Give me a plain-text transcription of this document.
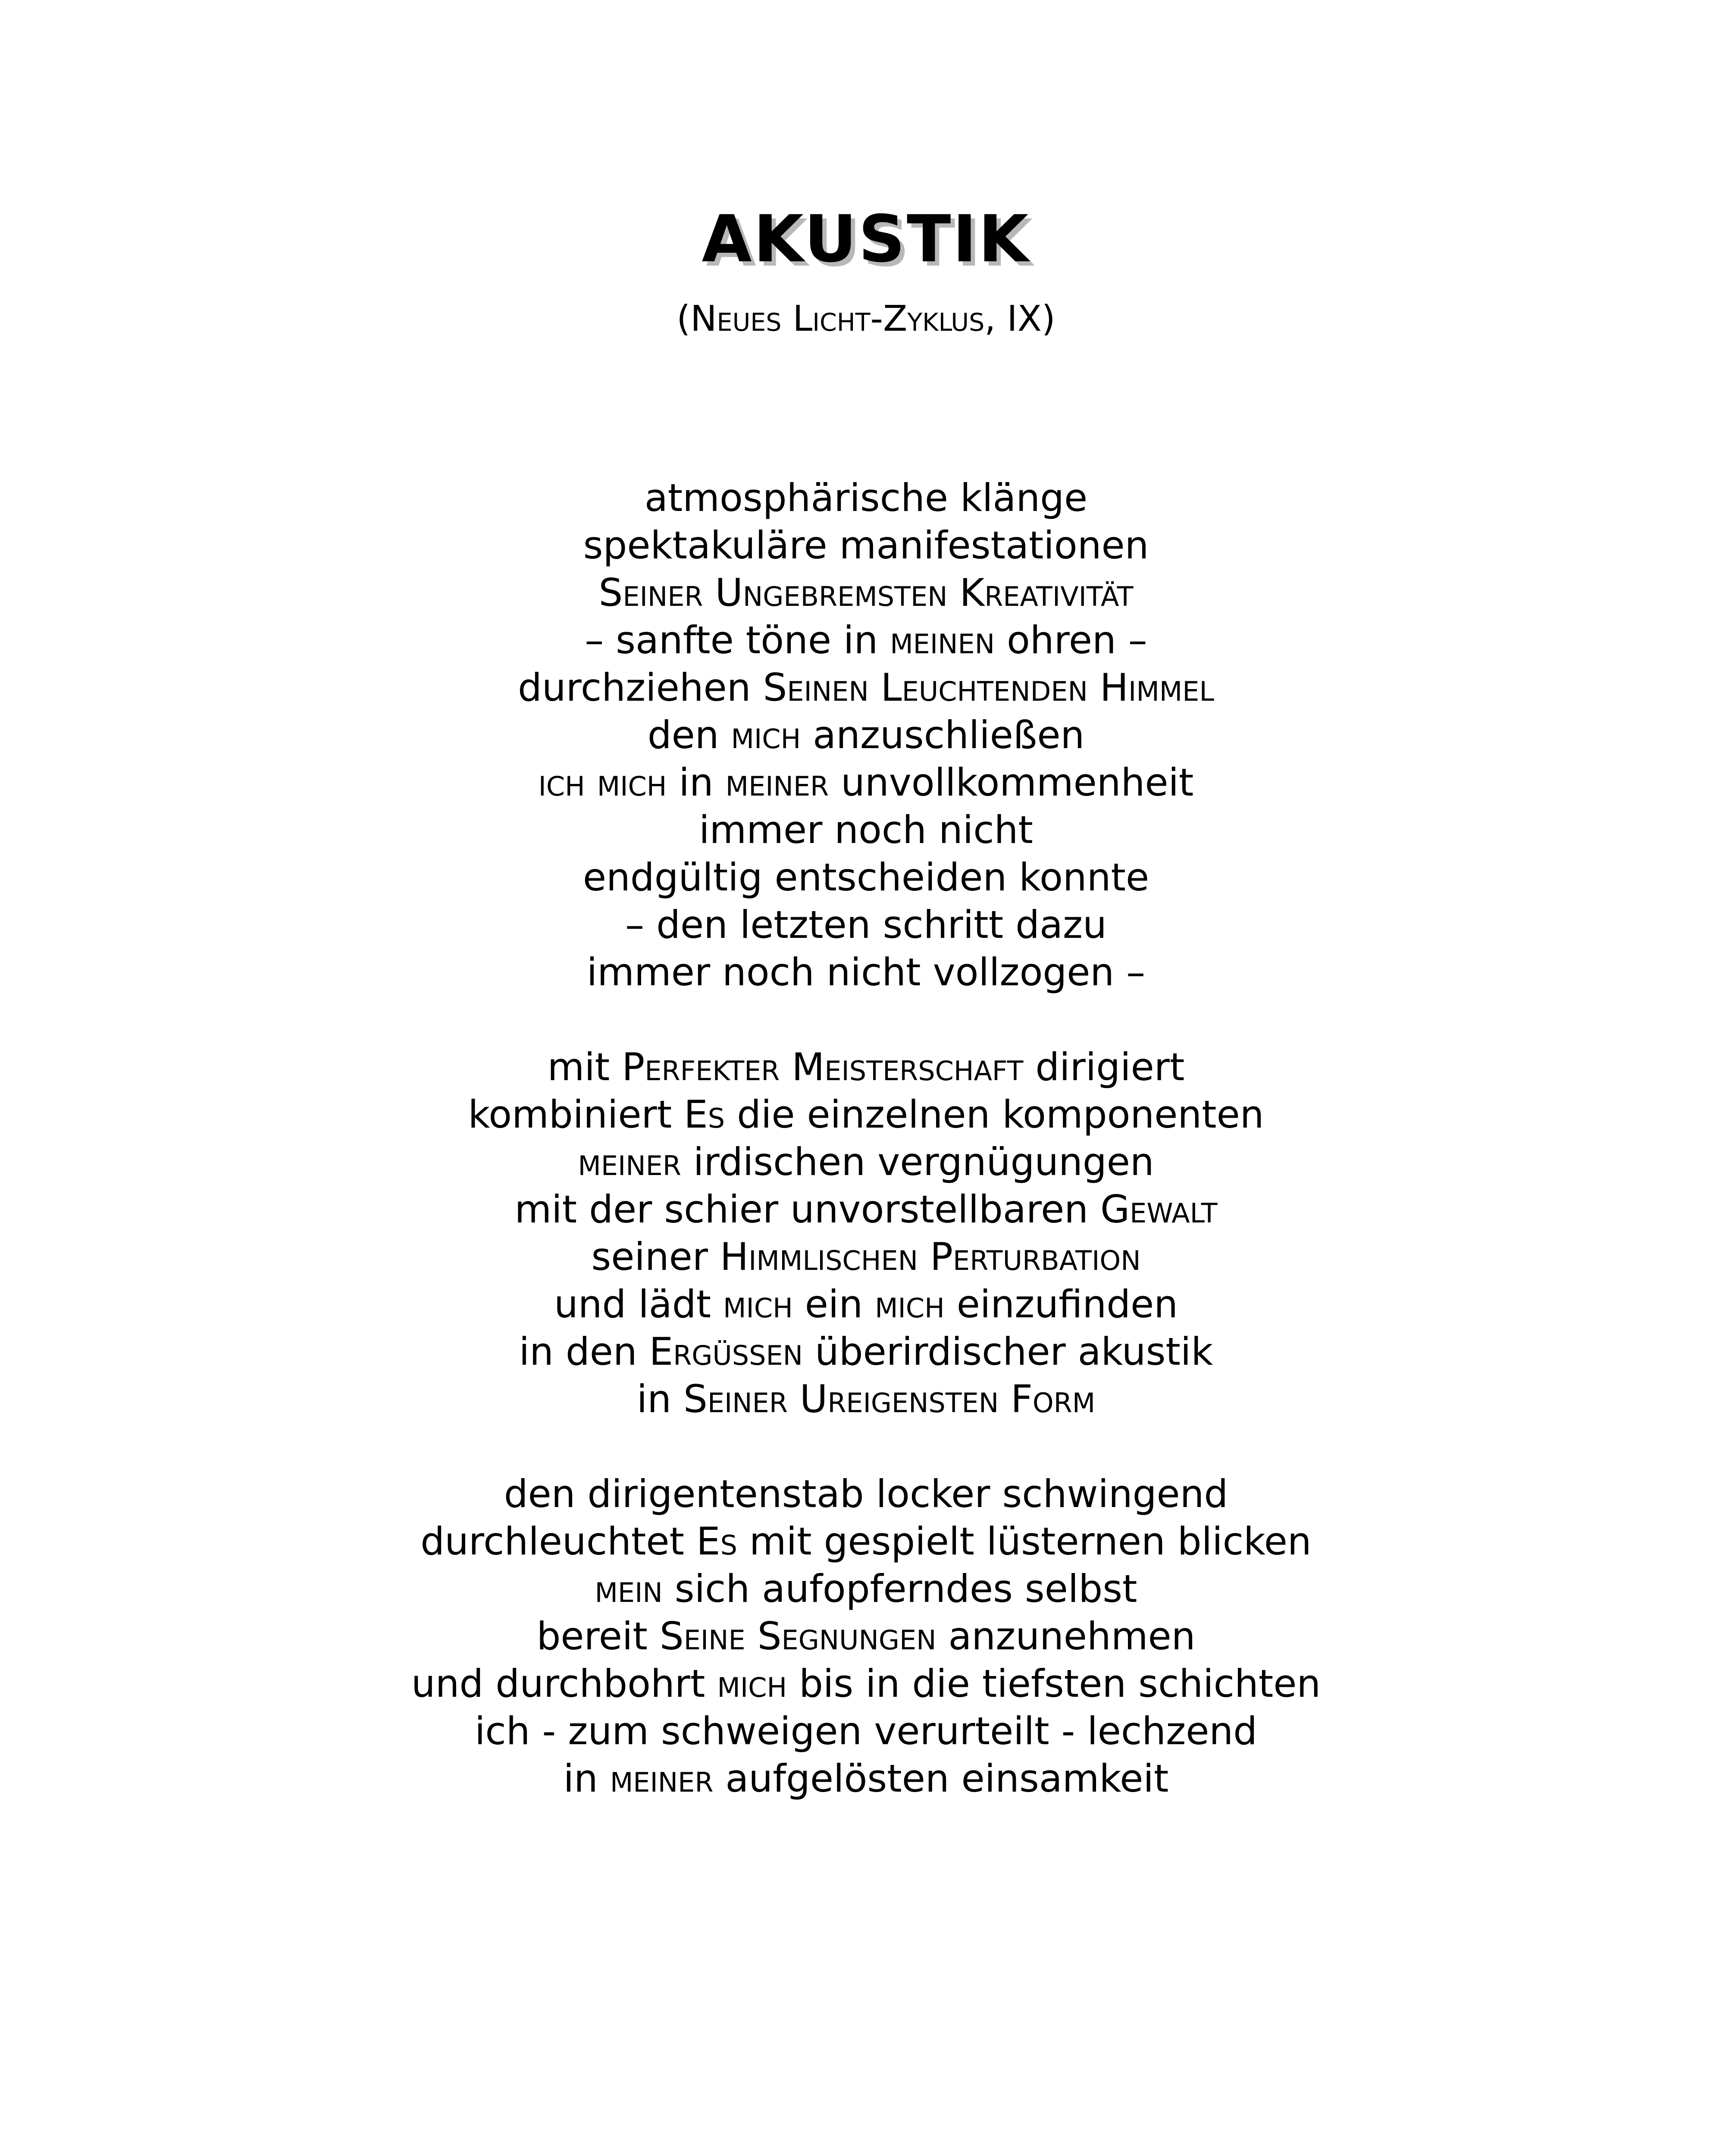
AKUSTIK
(Neues Licht-Zyklus, IX)
atmosphärische klänge
spektakuläre manifestationen
Seiner Ungebremsten Kreativität
– sanfte töne in meinen ohren –
durchziehen Seinen Leuchtenden Himmel
den mich anzuschließen
ich mich in meiner unvollkommenheit
immer noch nicht
endgültig entscheiden konnte
– den letzten schritt dazu
immer noch nicht vollzogen –
mit Perfekter Meisterschaft dirigiert
kombiniert Es die einzelnen komponenten
meiner irdischen vergnügungen
mit der schier unvorstellbaren Gewalt
seiner Himmlischen Perturbation
und lädt mich ein mich einzufinden
in den Ergüssen überirdischer akustik
in Seiner Ureigensten Form
den dirigentenstab locker schwingend
durchleuchtet Es mit gespielt lüsternen blicken
mein sich aufopferndes selbst
bereit Seine Segnungen anzunehmen
und durchbohrt mich bis in die tiefsten schichten
ich - zum schweigen verurteilt - lechzend
in meiner aufgelösten einsamkeit
